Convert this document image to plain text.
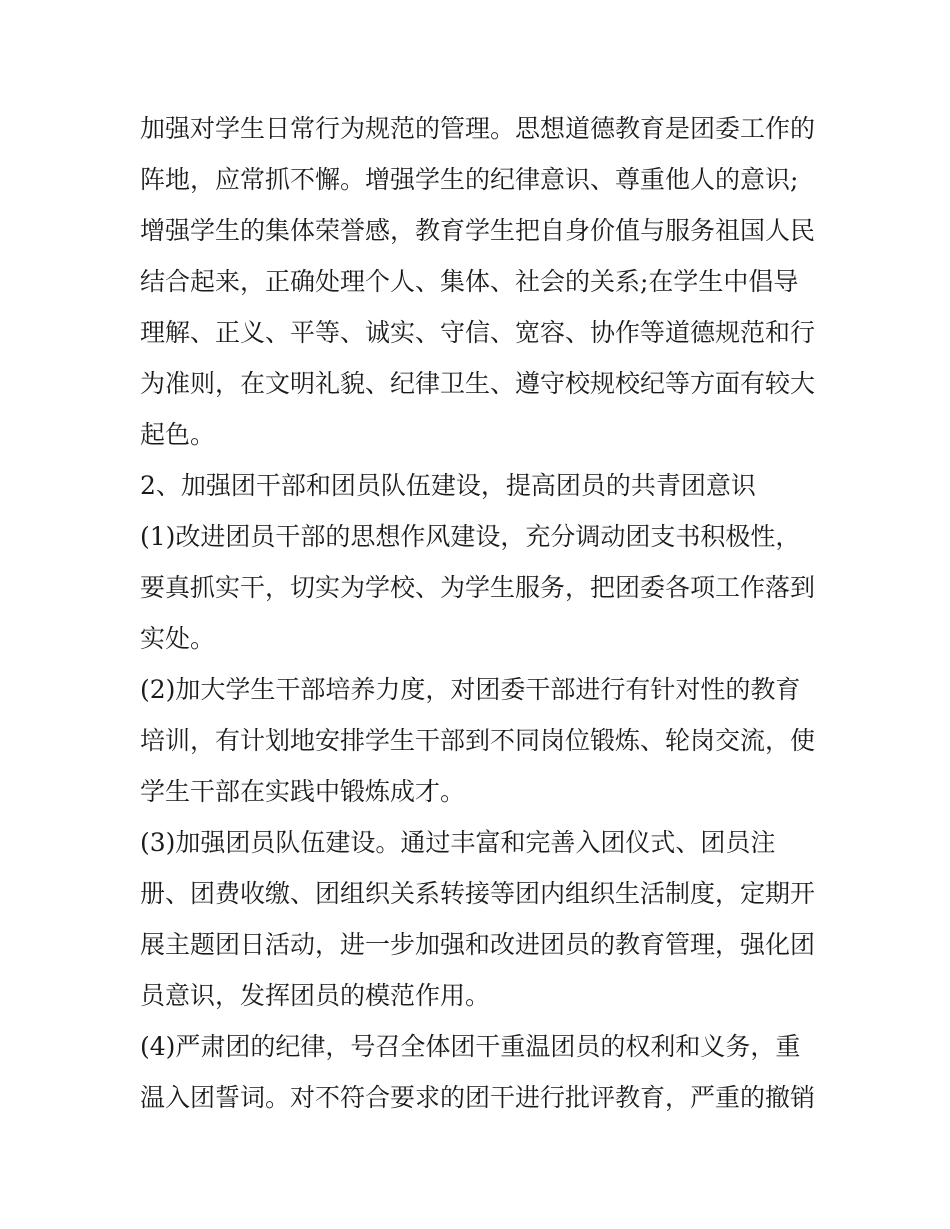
加强对学生日常行为规范的管理。思想道德教育是团委工作的
阵地，应常抓不懈。增强学生的纪律意识、尊重他人的意识;
增强学生的集体荣誉感，教育学生把自身价值与服务祖国人民
结合起来，正确处理个人、集体、社会的关系;在学生中倡导
理解、正义、平等、诚实、守信、宽容、协作等道德规范和行
为准则，在文明礼貌、纪律卫生、遵守校规校纪等方面有较大
起色。
2、加强团干部和团员队伍建设，提高团员的共青团意识
(1)改进团员干部的思想作风建设，充分调动团支书积极性，
要真抓实干，切实为学校、为学生服务，把团委各项工作落到
实处。
(2)加大学生干部培养力度，对团委干部进行有针对性的教育
培训，有计划地安排学生干部到不同岗位锻炼、轮岗交流，使
学生干部在实践中锻炼成才。
(3)加强团员队伍建设。通过丰富和完善入团仪式、团员注
册、团费收缴、团组织关系转接等团内组织生活制度，定期开
展主题团日活动，进一步加强和改进团员的教育管理，强化团
员意识，发挥团员的模范作用。
(4)严肃团的纪律，号召全体团干重温团员的权利和义务，重
温入团誓词。对不符合要求的团干进行批评教育，严重的撤销
